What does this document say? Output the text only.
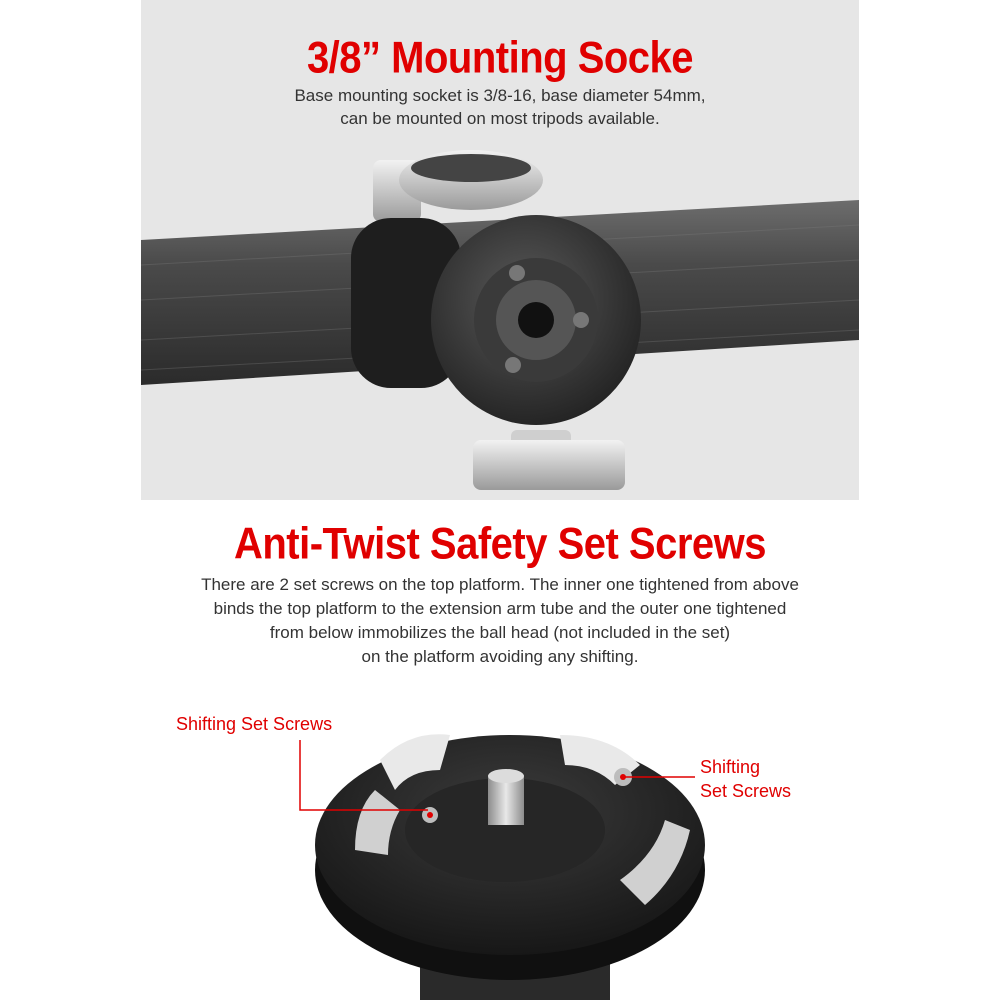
3/8” Mounting Socke
Base mounting socket is 3/8-16, base diameter 54mm,
can be mounted on most tripods available.
Anti-Twist Safety Set Screws
There are 2 set screws on the top platform. The inner one tightened from above
binds the top platform to the extension arm tube and the outer one tightened
from below immobilizes the ball head (not included in the set)
on the platform avoiding any shifting.
Shifting Set Screws
Shifting
Set Screws
